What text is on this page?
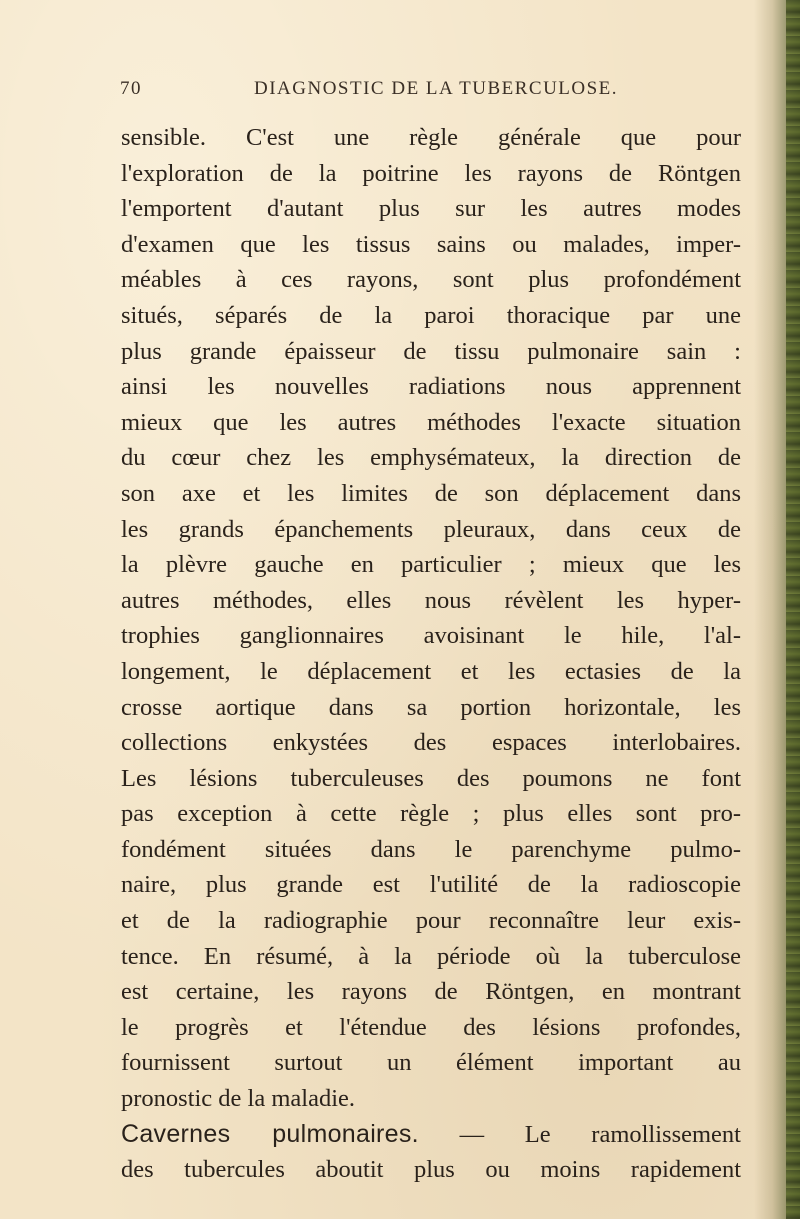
70	DIAGNOSTIC DE LA TUBERCULOSE.
sensible. C'est une règle générale que pour
l'exploration de la poitrine les rayons de Röntgen
l'emportent d'autant plus sur les autres modes
d'examen que les tissus sains ou malades, imper-
méables à ces rayons, sont plus profondément
situés, séparés de la paroi thoracique par une
plus grande épaisseur de tissu pulmonaire sain :
ainsi les nouvelles radiations nous apprennent
mieux que les autres méthodes l'exacte situation
du cœur chez les emphysémateux, la direction de
son axe et les limites de son déplacement dans
les grands épanchements pleuraux, dans ceux de
la plèvre gauche en particulier ; mieux que les
autres méthodes, elles nous révèlent les hyper-
trophies ganglionnaires avoisinant le hile, l'al-
longement, le déplacement et les ectasies de la
crosse aortique dans sa portion horizontale, les
collections enkystées des espaces interlobaires.
Les lésions tuberculeuses des poumons ne font
pas exception à cette règle ; plus elles sont pro-
fondément situées dans le parenchyme pulmo-
naire, plus grande est l'utilité de la radioscopie
et de la radiographie pour reconnaître leur exis-
tence. En résumé, à la période où la tuberculose
est certaine, les rayons de Röntgen, en montrant
le progrès et l'étendue des lésions profondes,
fournissent surtout un élément important au
pronostic de la maladie.
Cavernes pulmonaires. — Le ramollissement
des tubercules aboutit plus ou moins rapidement
